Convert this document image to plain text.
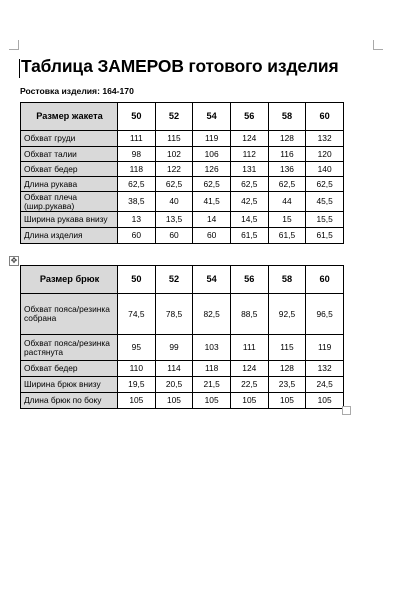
Таблица ЗАМЕРОВ готового изделия
Ростовка изделия: 164-170
Размер жакета	50	52	54	56	58	60
Обхват груди	111	115	119	124	128	132
Обхват талии	98	102	106	112	116	120
Обхват бедер	118	122	126	131	136	140
Длина рукава	62,5	62,5	62,5	62,5	62,5	62,5
Обхват плеча (шир.рукава)	38,5	40	41,5	42,5	44	45,5
Ширина рукава внизу	13	13,5	14	14,5	15	15,5
Длина изделия	60	60	60	61,5	61,5	61,5
✥
Размер брюк	50	52	54	56	58	60
Обхват пояса/резинка собрана	74,5	78,5	82,5	88,5	92,5	96,5
Обхват пояса/резинка растянута	95	99	103	111	115	119
Обхват бедер	110	114	118	124	128	132
Ширина брюк внизу	19,5	20,5	21,5	22,5	23,5	24,5
Длина брюк по боку	105	105	105	105	105	105
